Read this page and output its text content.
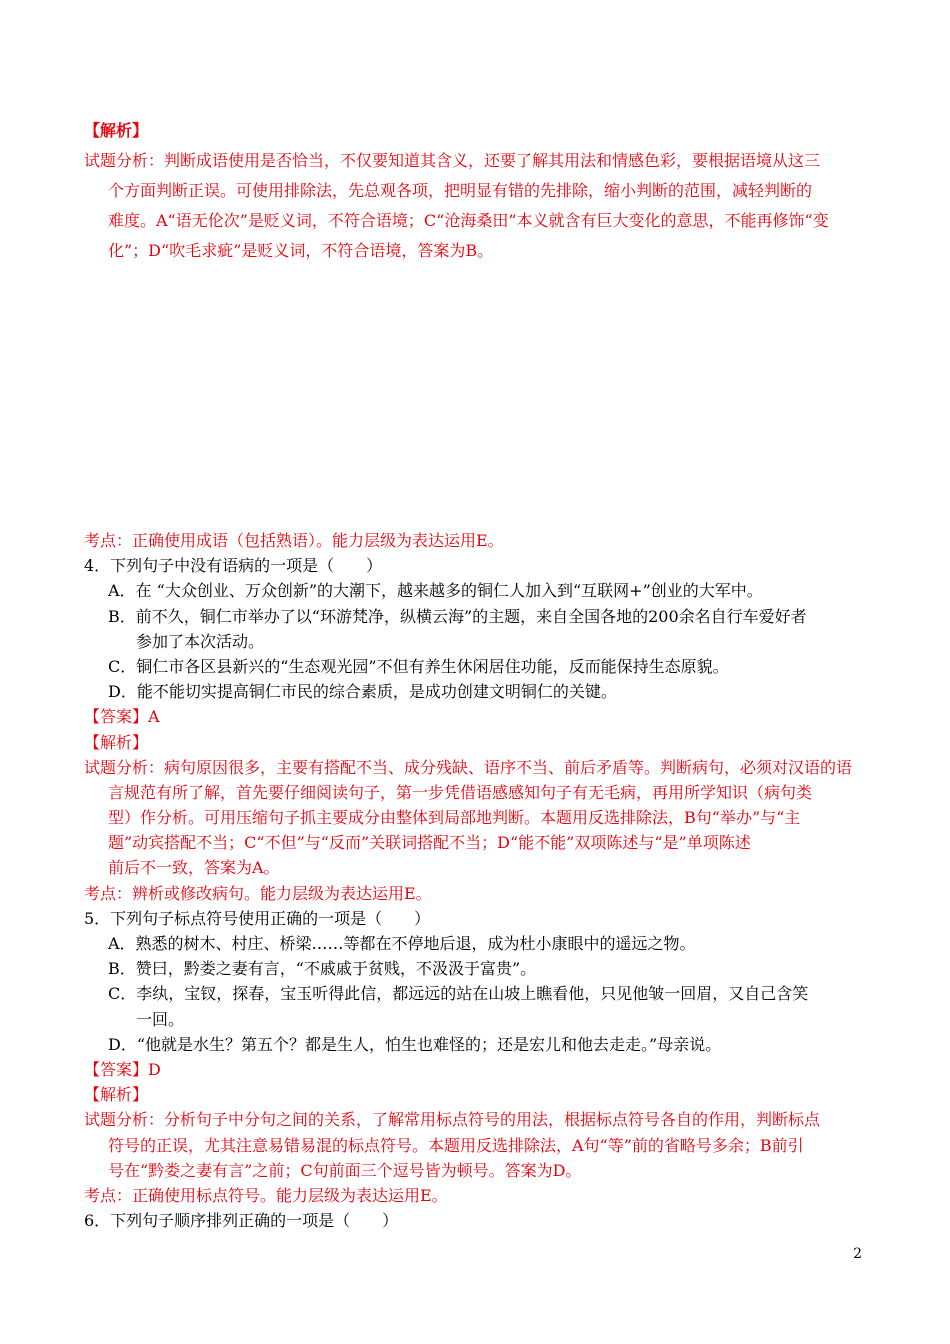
【解析】
试题分析：判断成语使用是否恰当，不仅要知道其含义，还要了解其用法和情感色彩，要根据语境从这三
个方面判断正误。可使用排除法，先总观各项，把明显有错的先排除，缩小判断的范围，减轻判断的
难度。A“语无伦次”是贬义词，不符合语境；C“沧海桑田”本义就含有巨大变化的意思，不能再修饰“变
化”；D“吹毛求疵”是贬义词，不符合语境，答案为B。
考点：正确使用成语（包括熟语）。能力层级为表达运用E。
4．下列句子中没有语病的一项是（　　）
A．在 “大众创业、万众创新”的大潮下，越来越多的铜仁人加入到“互联网+”创业的大军中。
B．前不久，铜仁市举办了以“环游梵净，纵横云海”的主题，来自全国各地的200余名自行车爱好者
参加了本次活动。
C．铜仁市各区县新兴的“生态观光园”不但有养生休闲居住功能，反而能保持生态原貌。
D．能不能切实提高铜仁市民的综合素质，是成功创建文明铜仁的关键。
【答案】A
【解析】
试题分析：病句原因很多，主要有搭配不当、成分残缺、语序不当、前后矛盾等。判断病句，必须对汉语的语
言规范有所了解，首先要仔细阅读句子，第一步凭借语感感知句子有无毛病，再用所学知识（病句类
型）作分析。可用压缩句子抓主要成分由整体到局部地判断。本题用反选排除法，B句“举办”与“主
题”动宾搭配不当；C“不但”与“反而”关联词搭配不当；D“能不能”双项陈述与“是”单项陈述
前后不一致，答案为A。
考点：辨析或修改病句。能力层级为表达运用E。
5．下列句子标点符号使用正确的一项是（　　）
A．熟悉的树木、村庄、桥梁……等都在不停地后退，成为杜小康眼中的遥远之物。
B．赞曰，黔娄之妻有言，“不戚戚于贫贱，不汲汲于富贵”。
C．李纨，宝钗，探春，宝玉听得此信，都远远的站在山坡上瞧看他，只见他皱一回眉，又自己含笑
一回。
D．“他就是水生？第五个？都是生人，怕生也难怪的；还是宏儿和他去走走。”母亲说。
【答案】D
【解析】
试题分析：分析句子中分句之间的关系，了解常用标点符号的用法，根据标点符号各自的作用，判断标点
符号的正误，尤其注意易错易混的标点符号。本题用反选排除法，A句“等”前的省略号多余；B前引
号在“黔娄之妻有言”之前；C句前面三个逗号皆为顿号。答案为D。
考点：正确使用标点符号。能力层级为表达运用E。
6．下列句子顺序排列正确的一项是（　　）
2
